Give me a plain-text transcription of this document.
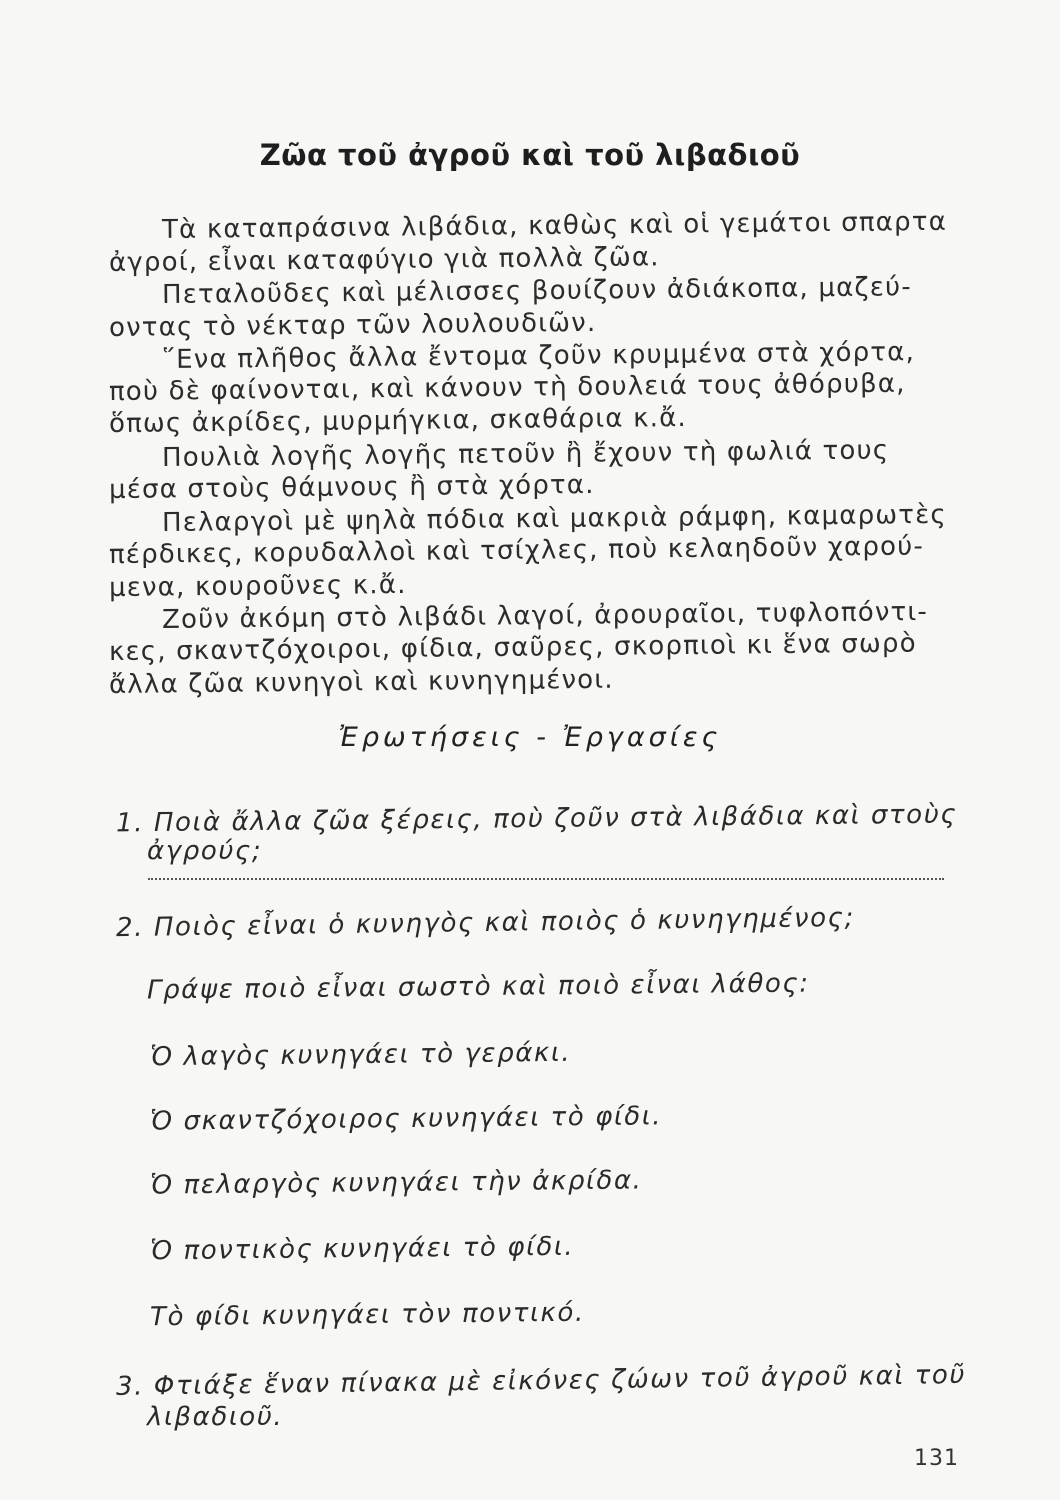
Ζῶα τοῦ ἀγροῦ καὶ τοῦ λιβαδιοῦ
Τὰ καταπράσινα λιβάδια, καθὼς καὶ οἱ γεμάτοι σπαρτα
ἀγροί, εἶναι καταφύγιο γιὰ πολλὰ ζῶα.
Πεταλοῦδες καὶ μέλισσες βουίζουν ἀδιάκοπα, μαζεύ-
οντας τὸ νέκταρ τῶν λουλουδιῶν.
῞Ενα πλῆθος ἄλλα ἔντομα ζοῦν κρυμμένα στὰ χόρτα,
ποὺ δὲ φαίνονται, καὶ κάνουν τὴ δουλειά τους ἀθόρυβα,
ὅπως ἀκρίδες, μυρμήγκια, σκαθάρια κ.ἄ.
Πουλιὰ λογῆς λογῆς πετοῦν ἢ ἔχουν τὴ φωλιά τους
μέσα στοὺς θάμνους ἢ στὰ χόρτα.
Πελαργοὶ μὲ ψηλὰ πόδια καὶ μακριὰ ράμφη, καμαρωτὲς
πέρδικες, κορυδαλλοὶ καὶ τσίχλες, ποὺ κελαηδοῦν χαρού-
μενα, κουροῦνες κ.ἄ.
Ζοῦν ἀκόμη στὸ λιβάδι λαγοί, ἀρουραῖοι, τυφλοπόντι-
κες, σκαντζόχοιροι, φίδια, σαῦρες, σκορπιοὶ κι ἕνα σωρὸ
ἄλλα ζῶα κυνηγοὶ καὶ κυνηγημένοι.
Ἐρωτήσεις - Ἐργασίες
1. Ποιὰ ἄλλα ζῶα ξέρεις, ποὺ ζοῦν στὰ λιβάδια καὶ στοὺς
ἀγρούς;
2. Ποιὸς εἶναι ὁ κυνηγὸς καὶ ποιὸς ὁ κυνηγημένος;
Γράψε ποιὸ εἶναι σωστὸ καὶ ποιὸ εἶναι λάθος:
Ὁ λαγὸς κυνηγάει τὸ γεράκι.
Ὁ σκαντζόχοιρος κυνηγάει τὸ φίδι.
Ὁ πελαργὸς κυνηγάει τὴν ἀκρίδα.
Ὁ ποντικὸς κυνηγάει τὸ φίδι.
Τὸ φίδι κυνηγάει τὸν ποντικό.
3. Φτιάξε ἕναν πίνακα μὲ εἰκόνες ζώων τοῦ ἀγροῦ καὶ τοῦ
λιβαδιοῦ.
131
